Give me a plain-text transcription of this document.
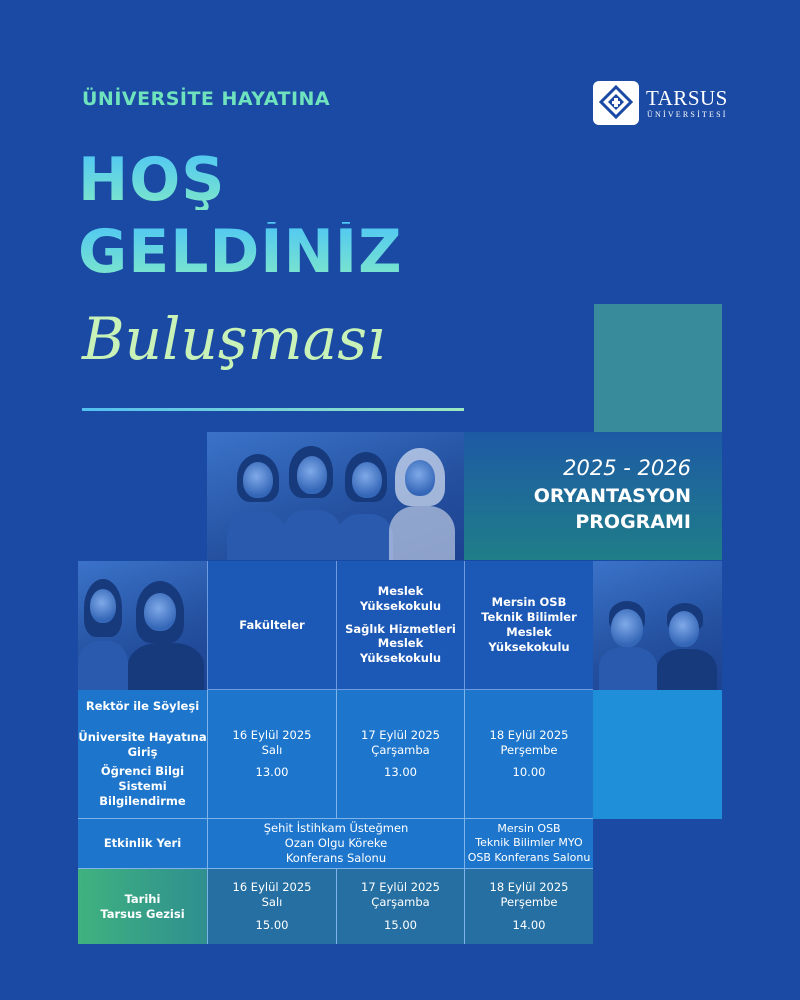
ÜNİVERSİTE HAYATINA
HOŞ
GELDİNİZ
Buluşması
TARSUS
ÜNİVERSİTESİ
2025 - 2026
ORYANTASYON
PROGRAMI
Fakülteler
Meslek
Yüksekokulu
Sağlık Hizmetleri
Meslek Yüksekokulu
Mersin OSB
Teknik Bilimler
Meslek Yüksekokulu
Rektör ile Söyleşi
Üniversite Hayatına
Giriş
Öğrenci Bilgi Sistemi
Bilgilendirme
16 Eylül 2025
Salı
13.00
17 Eylül 2025
Çarşamba
13.00
18 Eylül 2025
Perşembe
10.00
Etkinlik Yeri
Şehit İstihkam Üsteğmen
Ozan Olgu Köreke
Konferans Salonu
Mersin OSB
Teknik Bilimler MYO
OSB Konferans Salonu
Tarihi
Tarsus Gezisi
16 Eylül 2025
Salı
15.00
17 Eylül 2025
Çarşamba
15.00
18 Eylül 2025
Perşembe
14.00
